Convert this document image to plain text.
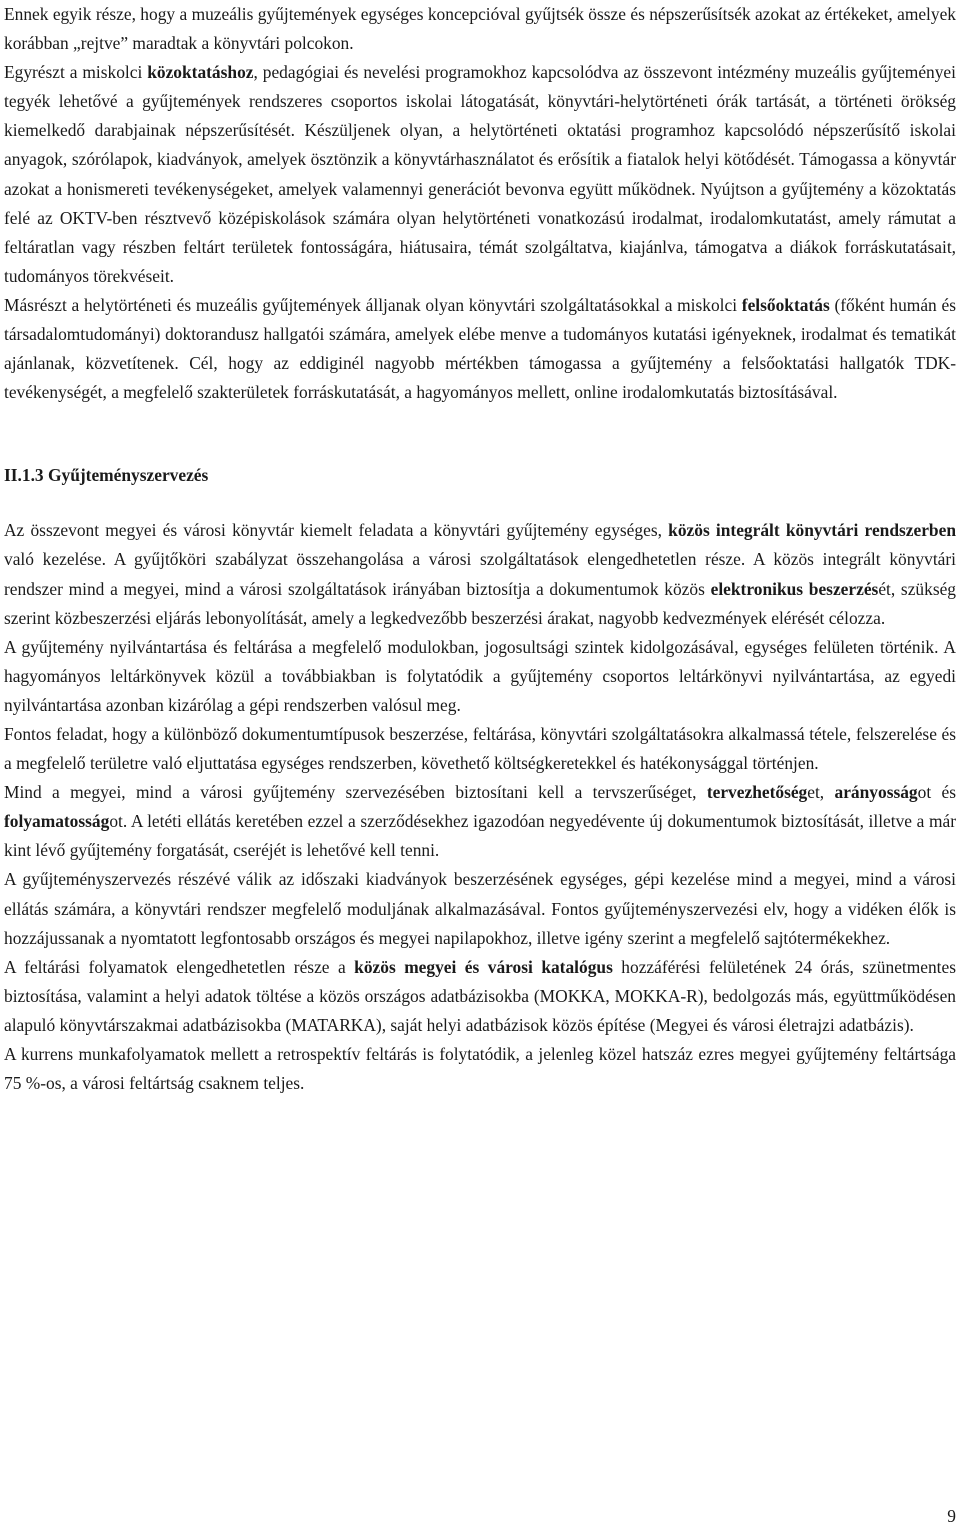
Ennek egyik része, hogy a muzeális gyűjtemények egységes koncepcióval gyűjtsék össze és népszerűsítsék azokat az értékeket, amelyek korábban „rejtve” maradtak a könyvtári polcokon.

Egyrészt a miskolci közoktatáshoz, pedagógiai és nevelési programokhoz kapcsolódva az összevont intézmény muzeális gyűjteményei tegyék lehetővé a gyűjtemények rendszeres csoportos iskolai látogatását, könyvtári-helytörténeti órák tartását, a történeti örökség kiemelkedő darabjainak népszerűsítését. Készüljenek olyan, a helytörténeti oktatási programhoz kapcsolódó népszerűsítő iskolai anyagok, szórólapok, kiadványok, amelyek ösztönzik a könyvtárhasználatot és erősítik a fiatalok helyi kötődését. Támogassa a könyvtár azokat a honismereti tevékenységeket, amelyek valamennyi generációt bevonva együtt működnek. Nyújtson a gyűjtemény a közoktatás felé az OKTV-ben résztvevő középiskolások számára olyan helytörténeti vonatkozású irodalmat, irodalomkutatást, amely rámutat a feltáratlan vagy részben feltárt területek fontosságára, hiátusaira, témát szolgáltatva, kiajánlva, támogatva a diákok forráskutatásait, tudományos törekvéseit.

Másrészt a helytörténeti és muzeális gyűjtemények álljanak olyan könyvtári szolgáltatásokkal a miskolci felsőoktatás (főként humán és társadalomtudományi) doktorandusz hallgatói számára, amelyek elébe menve a tudományos kutatási igényeknek, irodalmat és tematikát ajánlanak, közvetítenek. Cél, hogy az eddiginél nagyobb mértékben támogassa a gyűjtemény a felsőoktatási hallgatók TDK-tevékenységét, a megfelelő szakterületek forráskutatását, a hagyományos mellett, online irodalomkutatás biztosításával.

II.1.3 Gyűjteményszervezés

Az összevont megyei és városi könyvtár kiemelt feladata a könyvtári gyűjtemény egységes, közös integrált könyvtári rendszerben való kezelése. A gyűjtőköri szabályzat összehangolása a városi szolgáltatások elengedhetetlen része. A közös integrált könyvtári rendszer mind a megyei, mind a városi szolgáltatások irányában biztosítja a dokumentumok közös elektronikus beszerzését, szükség szerint közbeszerzési eljárás lebonyolítását, amely a legkedvezőbb beszerzési árakat, nagyobb kedvezmények elérését célozza.

A gyűjtemény nyilvántartása és feltárása a megfelelő modulokban, jogosultsági szintek kidolgozásával, egységes felületen történik. A hagyományos leltárkönyvek közül a továbbiakban is folytatódik a gyűjtemény csoportos leltárkönyvi nyilvántartása, az egyedi nyilvántartása azonban kizárólag a gépi rendszerben valósul meg.

Fontos feladat, hogy a különböző dokumentumtípusok beszerzése, feltárása, könyvtári szolgáltatásokra alkalmassá tétele, felszerelése és a megfelelő területre való eljuttatása egységes rendszerben, követhető költségkeretekkel és hatékonysággal történjen.

Mind a megyei, mind a városi gyűjtemény szervezésében biztosítani kell a tervszerűséget, tervezhetőséget, arányosságot és folyamatosságot. A letéti ellátás keretében ezzel a szerződésekhez igazodóan negyedévente új dokumentumok biztosítását, illetve a már kint lévő gyűjtemény forgatását, cseréjét is lehetővé kell tenni.

A gyűjteményszervezés részévé válik az időszaki kiadványok beszerzésének egységes, gépi kezelése mind a megyei, mind a városi ellátás számára, a könyvtári rendszer megfelelő moduljának alkalmazásával. Fontos gyűjteményszervezési elv, hogy a vidéken élők is hozzájussanak a nyomtatott legfontosabb országos és megyei napilapokhoz, illetve igény szerint a megfelelő sajtótermékekhez.

A feltárási folyamatok elengedhetetlen része a közös megyei és városi katalógus hozzáférési felületének 24 órás, szünetmentes biztosítása, valamint a helyi adatok töltése a közös országos adatbázisokba (MOKKA, MOKKA-R), bedolgozás más, együttműködésen alapuló könyvtárszakmai adatbázisokba (MATARKA), saját helyi adatbázisok közös építése (Megyei és városi életrajzi adatbázis).

A kurrens munkafolyamatok mellett a retrospektív feltárás is folytatódik, a jelenleg közel hatszáz ezres megyei gyűjtemény feltártsága 75 %-os, a városi feltártság csaknem teljes.

9
